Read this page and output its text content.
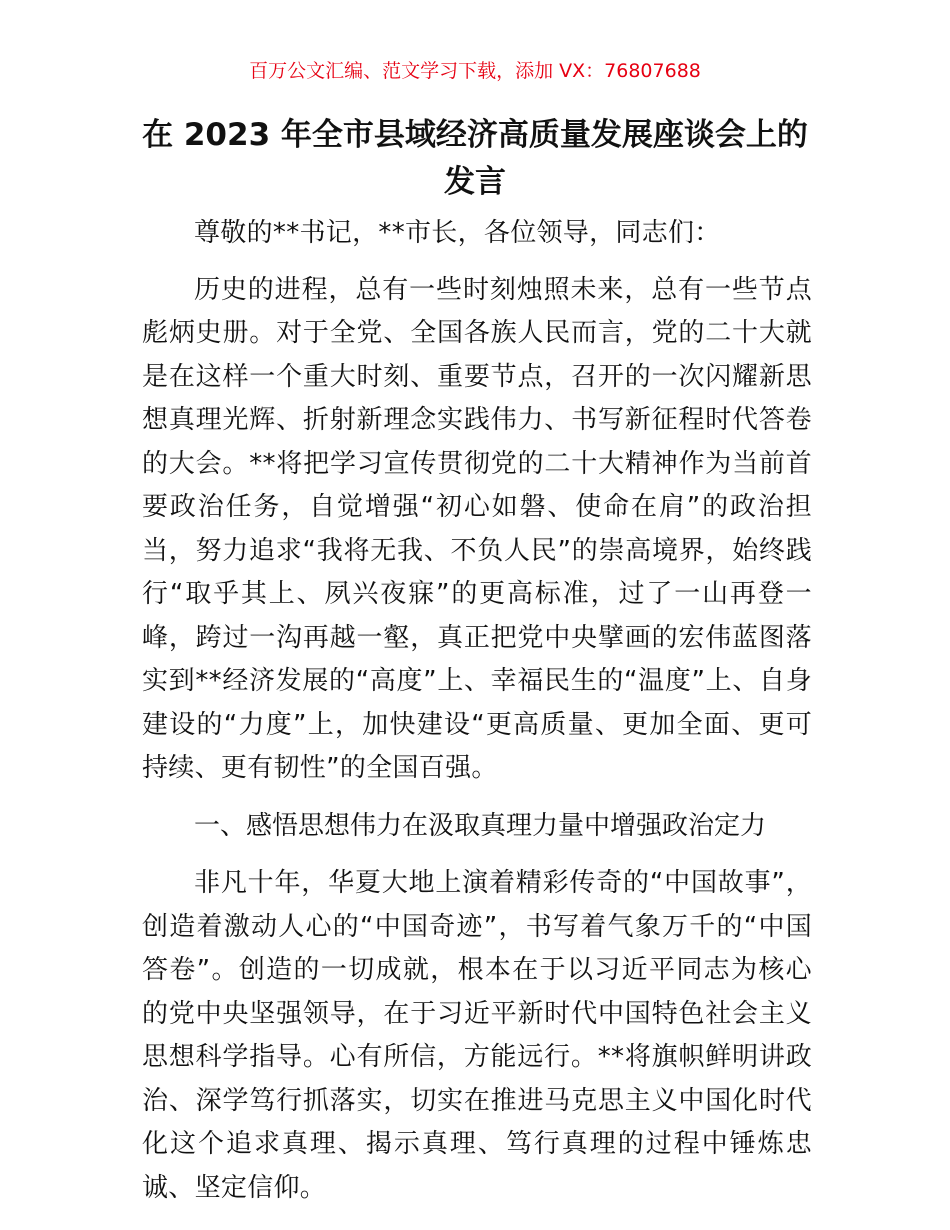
百万公文汇编、范文学习下载，添加 VX：76807688
在 2023 年全市县域经济高质量发展座谈会上的
发言

尊敬的**书记，**市长，各位领导，同志们：

历史的进程，总有一些时刻烛照未来，总有一些节点彪炳史册。对于全党、全国各族人民而言，党的二十大就是在这样一个重大时刻、重要节点，召开的一次闪耀新思想真理光辉、折射新理念实践伟力、书写新征程时代答卷的大会。**将把学习宣传贯彻党的二十大精神作为当前首要政治任务，自觉增强“初心如磐、使命在肩”的政治担当，努力追求“我将无我、不负人民”的崇高境界，始终践行“取乎其上、夙兴夜寐”的更高标准，过了一山再登一峰，跨过一沟再越一壑，真正把党中央擘画的宏伟蓝图落实到**经济发展的“高度”上、幸福民生的“温度”上、自身建设的“力度”上，加快建设“更高质量、更加全面、更可持续、更有韧性”的全国百强。

一、感悟思想伟力在汲取真理力量中增强政治定力

非凡十年，华夏大地上演着精彩传奇的“中国故事”，创造着激动人心的“中国奇迹”，书写着气象万千的“中国答卷”。创造的一切成就，根本在于以习近平同志为核心的党中央坚强领导，在于习近平新时代中国特色社会主义思想科学指导。心有所信，方能远行。**将旗帜鲜明讲政治、深学笃行抓落实，切实在推进马克思主义中国化时代化这个追求真理、揭示真理、笃行真理的过程中锤炼忠诚、坚定信仰。
